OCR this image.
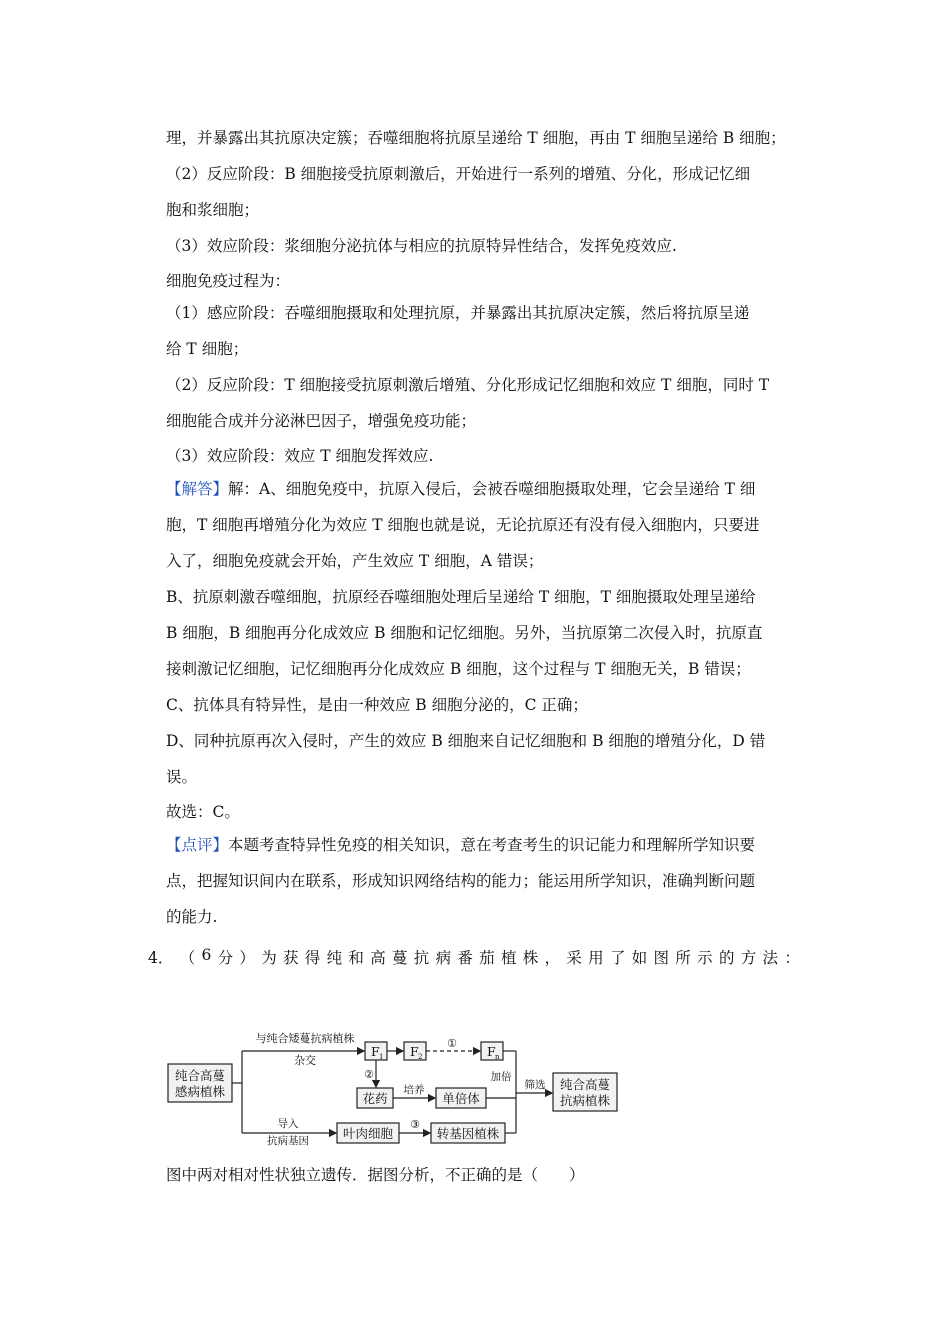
理，并暴露出其抗原决定簇；吞噬细胞将抗原呈递给 T 细胞，再由 T 细胞呈递给 B 细胞；
（2）反应阶段：B 细胞接受抗原刺激后，开始进行一系列的增殖、分化，形成记忆细
胞和浆细胞；
（3）效应阶段：浆细胞分泌抗体与相应的抗原特异性结合，发挥免疫效应.
细胞免疫过程为：
（1）感应阶段：吞噬细胞摄取和处理抗原，并暴露出其抗原决定簇，然后将抗原呈递
给 T 细胞；
（2）反应阶段：T 细胞接受抗原刺激后增殖、分化形成记忆细胞和效应 T 细胞，同时 T
细胞能合成并分泌淋巴因子，增强免疫功能；
（3）效应阶段：效应 T 细胞发挥效应.
【解答】解：A、细胞免疫中，抗原入侵后，会被吞噬细胞摄取处理，它会呈递给 T 细
胞，T 细胞再增殖分化为效应 T 细胞也就是说，无论抗原还有没有侵入细胞内，只要进
入了，细胞免疫就会开始，产生效应 T 细胞，A 错误；
B、抗原刺激吞噬细胞，抗原经吞噬细胞处理后呈递给 T 细胞，T 细胞摄取处理呈递给
B 细胞，B 细胞再分化成效应 B 细胞和记忆细胞。另外，当抗原第二次侵入时，抗原直
接刺激记忆细胞，记忆细胞再分化成效应 B 细胞，这个过程与 T 细胞无关，B 错误；
C、抗体具有特异性，是由一种效应 B 细胞分泌的，C 正确；
D、同种抗原再次入侵时，产生的效应 B 细胞来自记忆细胞和 B 细胞的增殖分化，D 错
误。
故选：C。
【点评】本题考查特异性免疫的相关知识，意在考查考生的识记能力和理解所学知识要
点，把握知识间内在联系，形成知识网络结构的能力；能运用所学知识，准确判断问题
的能力.
4． （ 6 分 ） 为 获 得 纯 和 高 蔓 抗 病 番 茄 植 株 ， 采 用 了 如 图 所 示 的 方 法 ：
纯合高蔓
感病植株
与纯合矮蔓抗病植株
杂交
F 1 F 2	F n
①
②
花药
培养
单倍体
加倍
筛选 纯合高蔓
抗病植株
导入
抗病基因	叶肉细胞
③
转基因植株
图中两对相对性状独立遗传．据图分析，不正确的是（　　）
